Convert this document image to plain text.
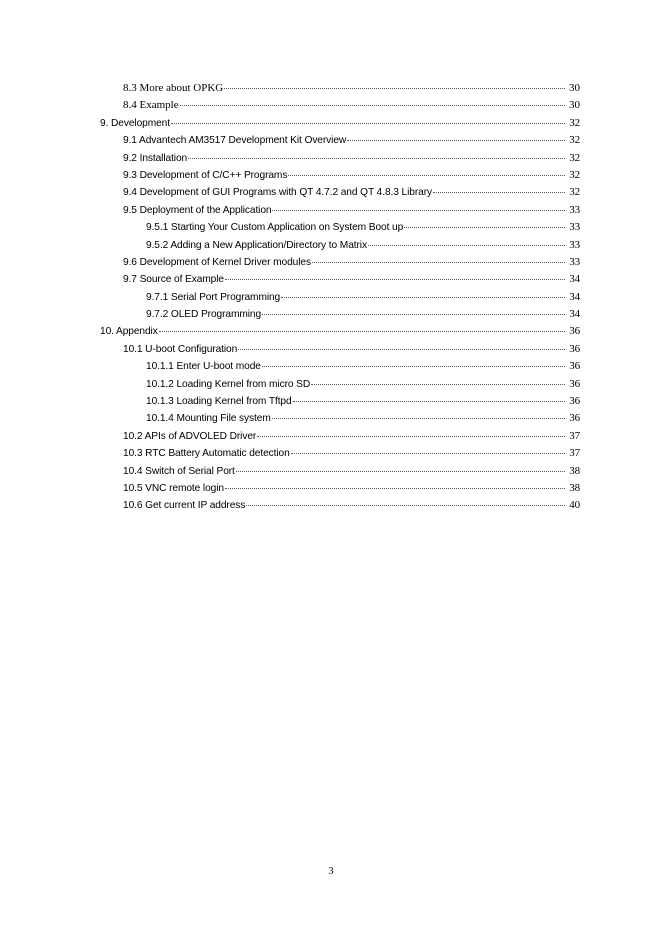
8.3 More about OPKG	30
8.4 Example	30
9. Development	32
9.1 Advantech AM3517 Development Kit Overview	32
9.2 Installation	32
9.3 Development of C/C++ Programs	32
9.4 Development of GUI Programs with QT 4.7.2 and QT 4.8.3 Library	32
9.5 Deployment of the Application	33
9.5.1 Starting Your Custom Application on System Boot up	33
9.5.2 Adding a New Application/Directory to Matrix	33
9.6 Development of Kernel Driver modules	33
9.7 Source of Example	34
9.7.1 Serial Port Programming	34
9.7.2 OLED Programming	34
10. Appendix	36
10.1 U-boot Configuration	36
10.1.1 Enter U-boot mode	36
10.1.2 Loading Kernel from micro SD	36
10.1.3 Loading Kernel from Tftpd	36
10.1.4 Mounting File system	36
10.2 APIs of ADVOLED Driver	37
10.3 RTC Battery Automatic detection	37
10.4 Switch of Serial Port	38
10.5 VNC remote login	38
10.6 Get current IP address	40
3
